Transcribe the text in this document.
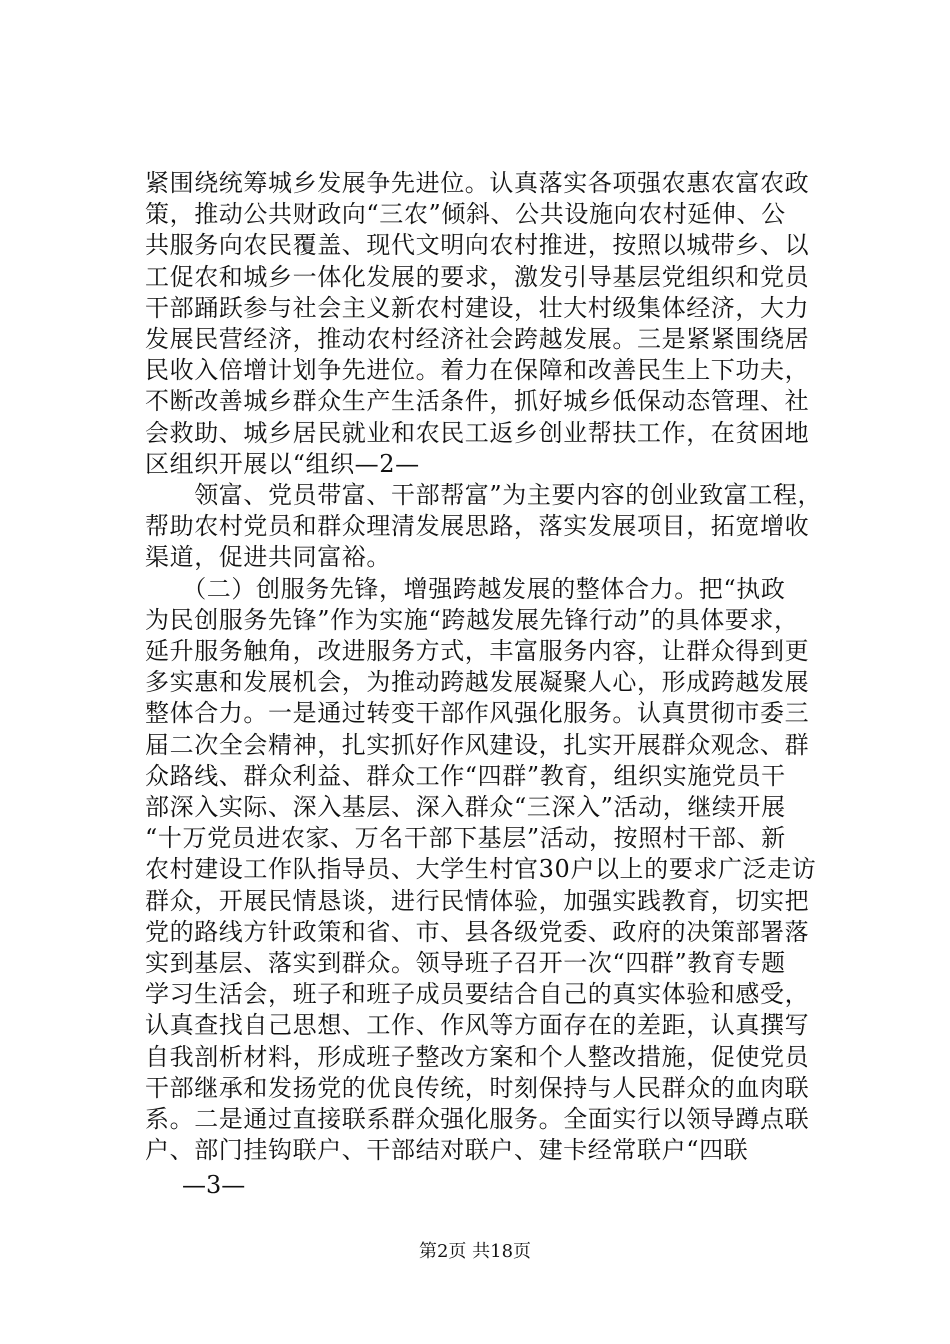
紧围绕统筹城乡发展争先进位。认真落实各项强农惠农富农政
策，推动公共财政向“三农”倾斜、公共设施向农村延伸、公
共服务向农民覆盖、现代文明向农村推进，按照以城带乡、以
工促农和城乡一体化发展的要求，激发引导基层党组织和党员
干部踊跃参与社会主义新农村建设，壮大村级集体经济，大力
发展民营经济，推动农村经济社会跨越发展。三是紧紧围绕居
民收入倍增计划争先进位。着力在保障和改善民生上下功夫，
不断改善城乡群众生产生活条件，抓好城乡低保动态管理、社
会救助、城乡居民就业和农民工返乡创业帮扶工作，在贫困地
区组织开展以“组织—2—
　　领富、党员带富、干部帮富”为主要内容的创业致富工程，
帮助农村党员和群众理清发展思路，落实发展项目，拓宽增收
渠道，促进共同富裕。
　　（二）创服务先锋，增强跨越发展的整体合力。把“执政
为民创服务先锋”作为实施“跨越发展先锋行动”的具体要求，
延升服务触角，改进服务方式，丰富服务内容，让群众得到更
多实惠和发展机会，为推动跨越发展凝聚人心，形成跨越发展
整体合力。一是通过转变干部作风强化服务。认真贯彻市委三
届二次全会精神，扎实抓好作风建设，扎实开展群众观念、群
众路线、群众利益、群众工作“四群”教育，组织实施党员干
部深入实际、深入基层、深入群众“三深入”活动，继续开展
“十万党员进农家、万名干部下基层”活动，按照村干部、新
农村建设工作队指导员、大学生村官30户以上的要求广泛走访
群众，开展民情恳谈，进行民情体验，加强实践教育，切实把
党的路线方针政策和省、市、县各级党委、政府的决策部署落
实到基层、落实到群众。领导班子召开一次“四群”教育专题
学习生活会，班子和班子成员要结合自己的真实体验和感受，
认真查找自己思想、工作、作风等方面存在的差距，认真撰写
自我剖析材料，形成班子整改方案和个人整改措施，促使党员
干部继承和发扬党的优良传统，时刻保持与人民群众的血肉联
系。二是通过直接联系群众强化服务。全面实行以领导蹲点联
户、部门挂钩联户、干部结对联户、建卡经常联户“四联
—3—
第2页 共18页
